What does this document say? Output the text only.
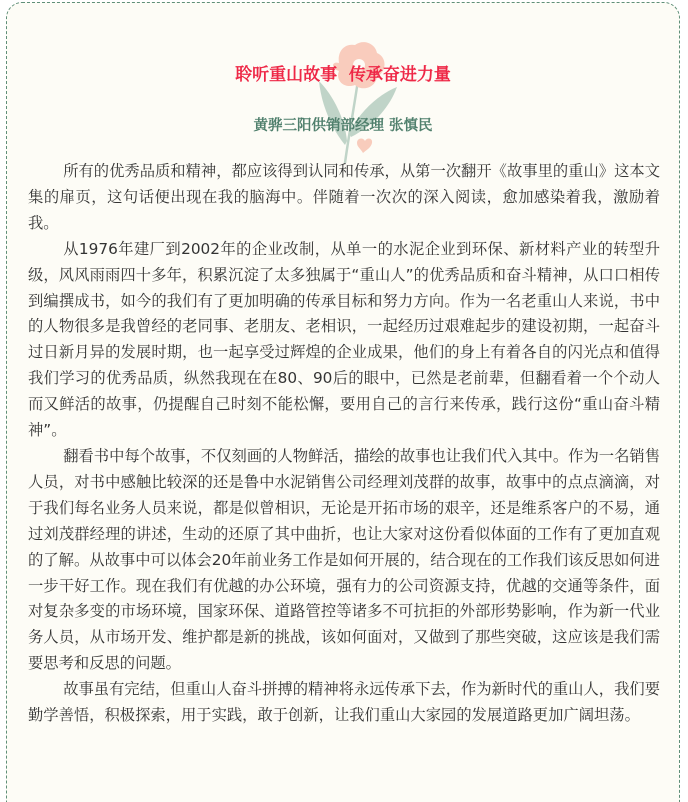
聆听重山故事  传承奋进力量
黄骅三阳供销部经理 张慎民

所有的优秀品质和精神，都应该得到认同和传承，从第一次翻开《故事里的重山》这本文集的扉页，这句话便出现在我的脑海中。伴随着一次次的深入阅读，愈加感染着我，激励着我。

从1976年建厂到2002年的企业改制，从单一的水泥企业到环保、新材料产业的转型升级，风风雨雨四十多年，积累沉淀了太多独属于“重山人”的优秀品质和奋斗精神，从口口相传到编撰成书，如今的我们有了更加明确的传承目标和努力方向。作为一名老重山人来说，书中的人物很多是我曾经的老同事、老朋友、老相识，一起经历过艰难起步的建设初期，一起奋斗过日新月异的发展时期，也一起享受过辉煌的企业成果，他们的身上有着各自的闪光点和值得我们学习的优秀品质，纵然我现在在80、90后的眼中，已然是老前辈，但翻看着一个个动人而又鲜活的故事，仍提醒自己时刻不能松懈，要用自己的言行来传承，践行这份“重山奋斗精神”。

翻看书中每个故事，不仅刻画的人物鲜活，描绘的故事也让我们代入其中。作为一名销售人员，对书中感触比较深的还是鲁中水泥销售公司经理刘茂群的故事，故事中的点点滴滴，对于我们每名业务人员来说，都是似曾相识，无论是开拓市场的艰辛，还是维系客户的不易，通过刘茂群经理的讲述，生动的还原了其中曲折，也让大家对这份看似体面的工作有了更加直观的了解。从故事中可以体会20年前业务工作是如何开展的，结合现在的工作我们该反思如何进一步干好工作。现在我们有优越的办公环境，强有力的公司资源支持，优越的交通等条件，面对复杂多变的市场环境，国家环保、道路管控等诸多不可抗拒的外部形势影响，作为新一代业务人员，从市场开发、维护都是新的挑战，该如何面对，又做到了那些突破，这应该是我们需要思考和反思的问题。

故事虽有完结，但重山人奋斗拼搏的精神将永远传承下去，作为新时代的重山人，我们要勤学善悟，积极探索，用于实践，敢于创新，让我们重山大家园的发展道路更加广阔坦荡。
